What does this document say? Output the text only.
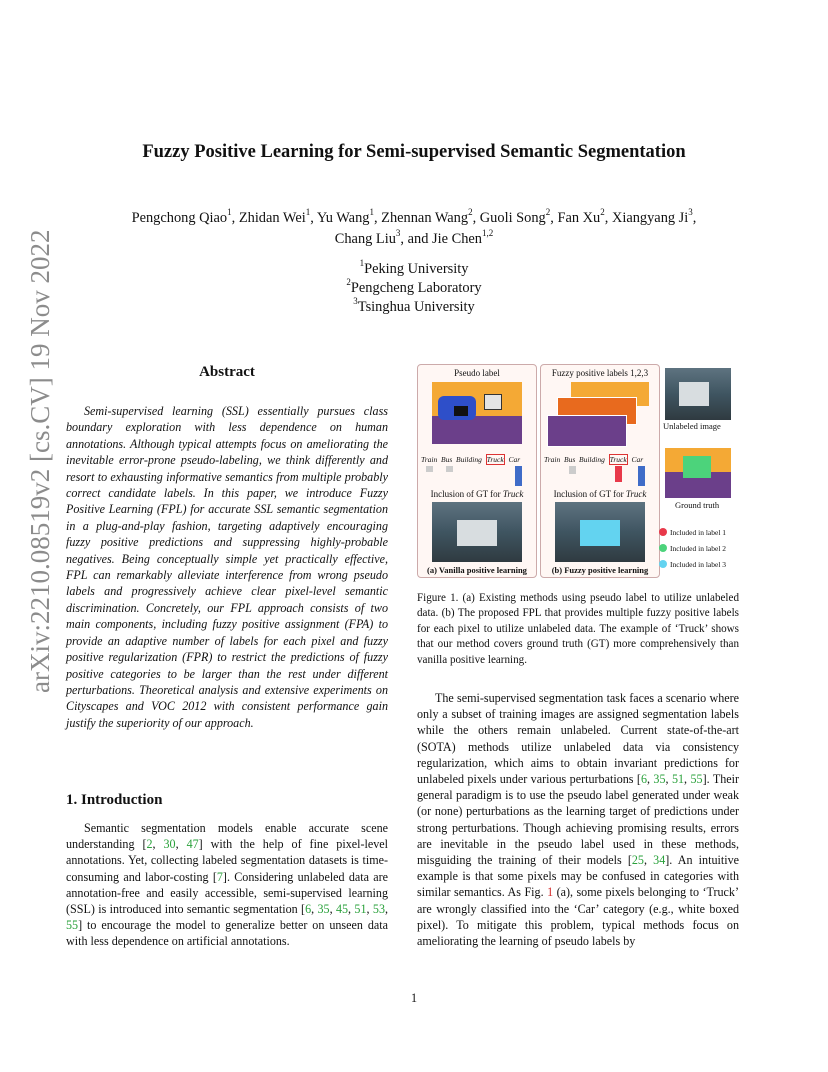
arXiv:2210.08519v2 [cs.CV] 19 Nov 2022
Fuzzy Positive Learning for Semi-supervised Semantic Segmentation
Pengchong Qiao$^1$, Zhidan Wei$^1$, Yu Wang$^1$, Zhennan Wang$^2$, Guoli Song$^2$, Fan Xu$^2$, Xiangyang Ji$^3$,
Chang Liu$^3$, and Jie Chen$^{1,2}$
$^1$Peking University
$^2$Pengcheng Laboratory
$^3$Tsinghua University
Abstract

Semi-supervised learning (SSL) essentially pursues class boundary exploration with less dependence on human annotations. Although typical attempts focus on ameliorating the inevitable error-prone pseudo-labeling, we think differently and resort to exhausting informative semantics from multiple probably correct candidate labels. In this paper, we introduce Fuzzy Positive Learning (FPL) for accurate SSL semantic segmentation in a plug-and-play fashion, targeting adaptively encouraging fuzzy positive predictions and suppressing highly-probable negatives. Being conceptually simple yet practically effective, FPL can remarkably alleviate interference from wrong pseudo labels and progressively achieve clear pixel-level semantic discrimination. Concretely, our FPL approach consists of two main components, including fuzzy positive assignment (FPA) to provide an adaptive number of labels for each pixel and fuzzy positive regularization (FPR) to restrict the predictions of fuzzy positive categories to be larger than the rest under different perturbations. Theoretical analysis and extensive experiments on Cityscapes and VOC 2012 with consistent performance gain justify the superiority of our approach.

1. Introduction

Semantic segmentation models enable accurate scene understanding [2, 30, 47] with the help of fine pixel-level annotations. Yet, collecting labeled segmentation datasets is time-consuming and labor-costing [7]. Considering unlabeled data are annotation-free and easily accessible, semi-supervised learning (SSL) is introduced into semantic segmentation [6, 35, 45, 51, 53, 55] to encourage the model to generalize better on unseen data with less dependence on artificial annotations.

Pseudo label
Train Bus Building Truck Car
Inclusion of GT for Truck
(a) Vanilla positive learning
Fuzzy positive labels 1,2,3
Train Bus Building Truck Car
Inclusion of GT for Truck
(b) Fuzzy positive learning
Unlabeled image
Ground truth
Included in label 1
Included in label 2
Included in label 3

Figure 1. (a) Existing methods using pseudo label to utilize unlabeled data. (b) The proposed FPL that provides multiple fuzzy positive labels for each pixel to utilize unlabeled data. The example of ‘Truck’ shows that our method covers ground truth (GT) more comprehensively than vanilla positive learning.

The semi-supervised segmentation task faces a scenario where only a subset of training images are assigned segmentation labels while the others remain unlabeled. Current state-of-the-art (SOTA) methods utilize unlabeled data via consistency regularization, which aims to obtain invariant predictions for unlabeled pixels under various perturbations [6, 35, 51, 55]. Their general paradigm is to use the pseudo label generated under weak (or none) perturbations as the learning target of predictions under strong perturbations. Though achieving promising results, errors are inevitable in the pseudo label used in these methods, misguiding the training of their models [25, 34]. An intuitive example is that some pixels may be confused in categories with similar semantics. As Fig. 1 (a), some pixels belonging to ‘Truck’ are wrongly classified into the ‘Car’ category (e.g., white boxed pixel). To mitigate this problem, typical methods focus on ameliorating the learning of pseudo labels by

1
